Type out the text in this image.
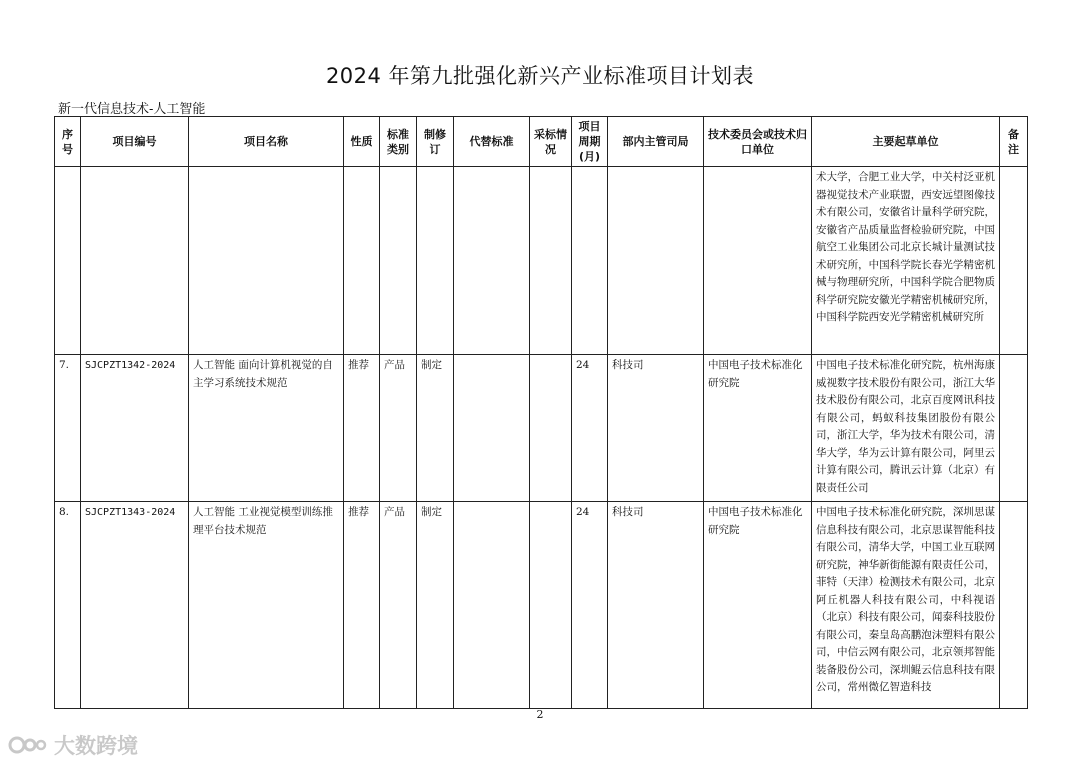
2024 年第九批强化新兴产业标准项目计划表
新一代信息技术-人工智能
序号	项目编号	项目名称	性质	标准类别	制修订	代替标准	采标情况	项目周期(月)	部内主管司局	技术委员会或技术归口单位	主要起草单位	备注
											术大学，合肥工业大学，中关村泛亚机器视觉技术产业联盟，西安远望图像技术有限公司，安徽省计量科学研究院，安徽省产品质量监督检验研究院，中国航空工业集团公司北京长城计量测试技术研究所，中国科学院长春光学精密机械与物理研究所，中国科学院合肥物质科学研究院安徽光学精密机械研究所，中国科学院西安光学精密机械研究所	
7.	SJCPZT1342-2024	人工智能 面向计算机视觉的自主学习系统技术规范	推荐	产品	制定			24	科技司	中国电子技术标准化研究院	中国电子技术标准化研究院，杭州海康威视数字技术股份有限公司，浙江大华技术股份有限公司，北京百度网讯科技有限公司，蚂蚁科技集团股份有限公司，浙江大学，华为技术有限公司，清华大学，华为云计算有限公司，阿里云计算有限公司，腾讯云计算（北京）有限责任公司	
8.	SJCPZT1343-2024	人工智能 工业视觉模型训练推理平台技术规范	推荐	产品	制定			24	科技司	中国电子技术标准化研究院	中国电子技术标准化研究院，深圳思谋信息科技有限公司，北京思谋智能科技有限公司，清华大学，中国工业互联网研究院，神华新街能源有限责任公司，菲特（天津）检测技术有限公司，北京阿丘机器人科技有限公司，中科视语（北京）科技有限公司，闻泰科技股份有限公司，秦皇岛高鹏泡沫塑料有限公司，中信云网有限公司，北京领邦智能装备股份公司，深圳鲲云信息科技有限公司，常州微亿智造科技	
2
大数跨境
